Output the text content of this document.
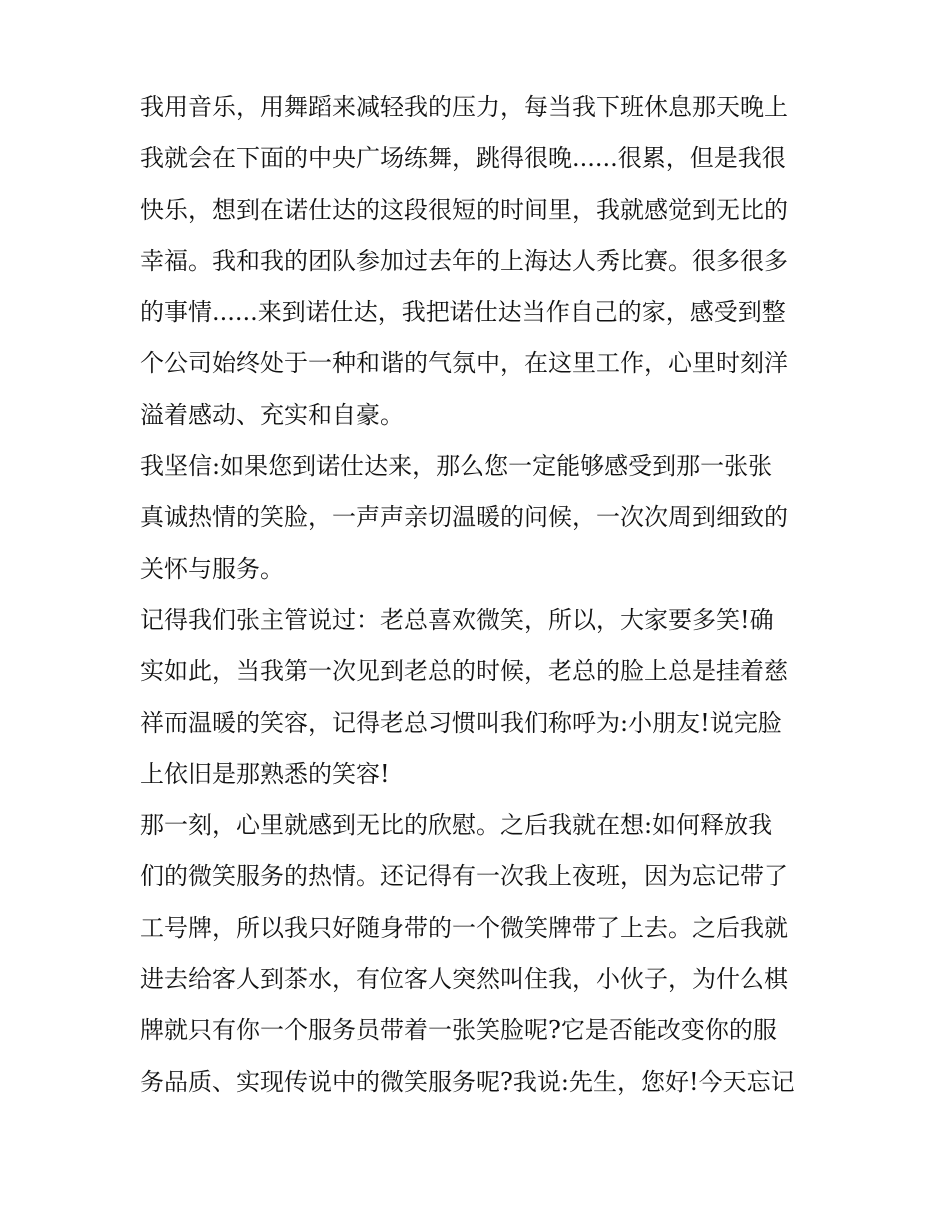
我用音乐，用舞蹈来减轻我的压力，每当我下班休息那天晚上
我就会在下面的中央广场练舞，跳得很晚......很累，但是我很
快乐，想到在诺仕达的这段很短的时间里，我就感觉到无比的
幸福。我和我的团队参加过去年的上海达人秀比赛。很多很多
的事情......来到诺仕达，我把诺仕达当作自己的家，感受到整
个公司始终处于一种和谐的气氛中，在这里工作，心里时刻洋
溢着感动、充实和自豪。
我坚信:如果您到诺仕达来，那么您一定能够感受到那一张张
真诚热情的笑脸，一声声亲切温暖的问候，一次次周到细致的
关怀与服务。
记得我们张主管说过：老总喜欢微笑，所以，大家要多笑!确
实如此，当我第一次见到老总的时候，老总的脸上总是挂着慈
祥而温暖的笑容，记得老总习惯叫我们称呼为:小朋友!说完脸
上依旧是那熟悉的笑容!
那一刻，心里就感到无比的欣慰。之后我就在想:如何释放我
们的微笑服务的热情。还记得有一次我上夜班，因为忘记带了
工号牌，所以我只好随身带的一个微笑牌带了上去。之后我就
进去给客人到茶水，有位客人突然叫住我，小伙子，为什么棋
牌就只有你一个服务员带着一张笑脸呢?它是否能改变你的服
务品质、实现传说中的微笑服务呢?我说:先生，您好!今天忘记
